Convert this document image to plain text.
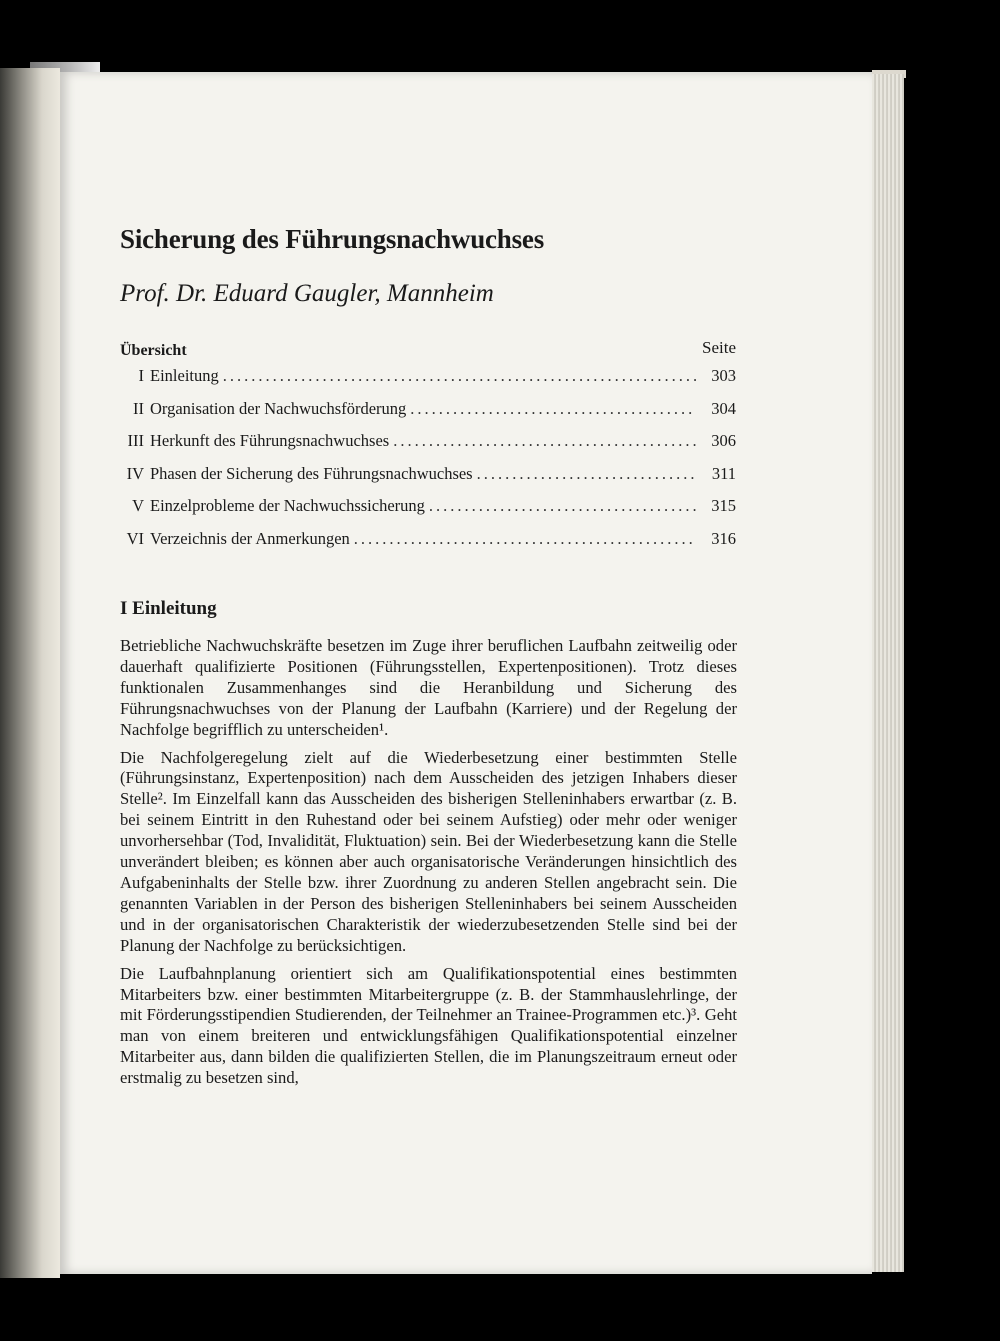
Sicherung des Führungsnachwuchses
Prof. Dr. Eduard Gaugler, Mannheim
Übersicht	Seite
I Einleitung .....	303
II Organisation der Nachwuchsförderung .....	304
III Herkunft des Führungsnachwuchses .....	306
IV Phasen der Sicherung des Führungsnachwuchses .....	311
V Einzelprobleme der Nachwuchssicherung .....	315
VI Verzeichnis der Anmerkungen .....	316
I Einleitung

Betriebliche Nachwuchskräfte besetzen im Zuge ihrer beruflichen Laufbahn zeitweilig oder dauerhaft qualifizierte Positionen (Führungsstellen, Expertenpositionen). Trotz dieses funktionalen Zusammenhanges sind die Heranbildung und Sicherung des Führungsnachwuchses von der Planung der Laufbahn (Karriere) und der Regelung der Nachfolge begrifflich zu unterscheiden¹.

Die Nachfolgeregelung zielt auf die Wiederbesetzung einer bestimmten Stelle (Führungsinstanz, Expertenposition) nach dem Ausscheiden des jetzigen Inhabers dieser Stelle². Im Einzelfall kann das Ausscheiden des bisherigen Stelleninhabers erwartbar (z. B. bei seinem Eintritt in den Ruhestand oder bei seinem Aufstieg) oder mehr oder weniger unvorhersehbar (Tod, Invalidität, Fluktuation) sein. Bei der Wiederbesetzung kann die Stelle unverändert bleiben; es können aber auch organisatorische Veränderungen hinsichtlich des Aufgabeninhalts der Stelle bzw. ihrer Zuordnung zu anderen Stellen angebracht sein. Die genannten Variablen in der Person des bisherigen Stelleninhabers bei seinem Ausscheiden und in der organisatorischen Charakteristik der wiederzubesetzenden Stelle sind bei der Planung der Nachfolge zu berücksichtigen.

Die Laufbahnplanung orientiert sich am Qualifikationspotential eines bestimmten Mitarbeiters bzw. einer bestimmten Mitarbeitergruppe (z. B. der Stammhauslehrlinge, der mit Förderungsstipendien Studierenden, der Teilnehmer an Trainee-Programmen etc.)³. Geht man von einem breiteren und entwicklungsfähigen Qualifikationspotential einzelner Mitarbeiter aus, dann bilden die qualifizierten Stellen, die im Planungszeitraum erneut oder erstmalig zu besetzen sind,
